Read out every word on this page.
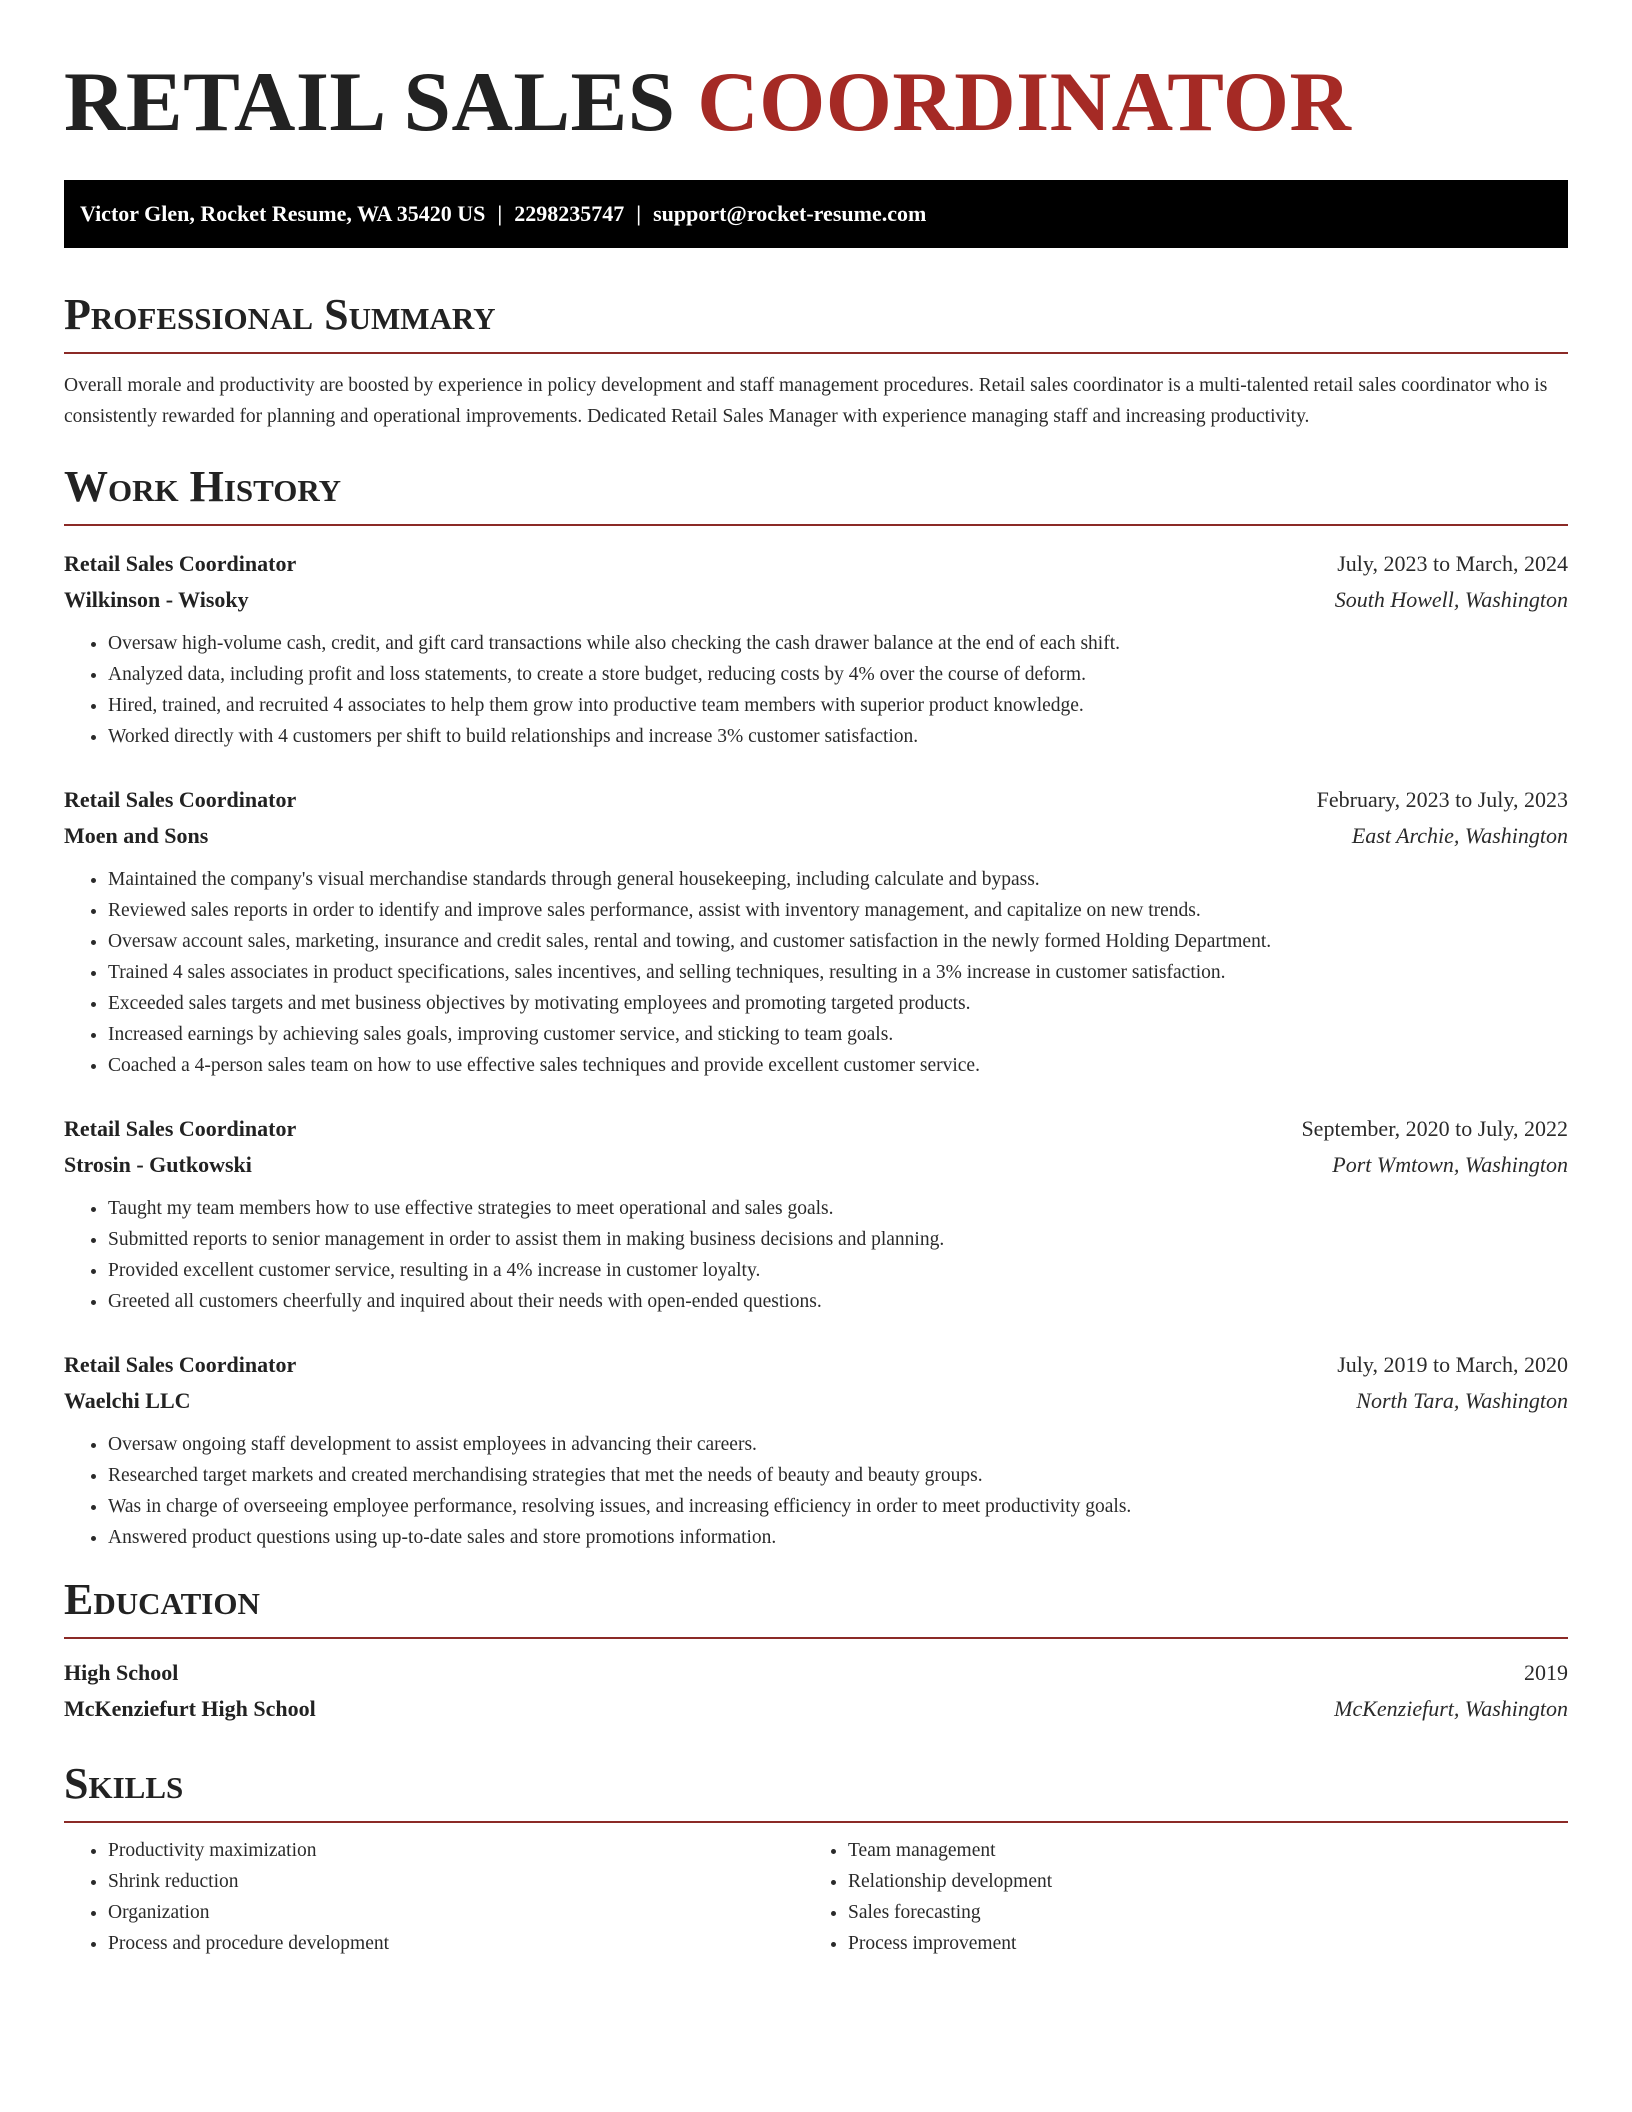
RETAIL SALES COORDINATOR
Victor Glen, Rocket Resume, WA 35420 US | 2298235747 | support@rocket-resume.com
Professional Summary

Overall morale and productivity are boosted by experience in policy development and staff management procedures. Retail sales coordinator is a multi-talented retail sales coordinator who is consistently rewarded for planning and operational improvements. Dedicated Retail Sales Manager with experience managing staff and increasing productivity.

Work History
Retail Sales Coordinator	July, 2023 to March, 2024
Wilkinson - Wisoky	South Howell, Washington
• Oversaw high-volume cash, credit, and gift card transactions while also checking the cash drawer balance at the end of each shift.
• Analyzed data, including profit and loss statements, to create a store budget, reducing costs by 4% over the course of deform.
• Hired, trained, and recruited 4 associates to help them grow into productive team members with superior product knowledge.
• Worked directly with 4 customers per shift to build relationships and increase 3% customer satisfaction.
Retail Sales Coordinator	February, 2023 to July, 2023
Moen and Sons	East Archie, Washington
• Maintained the company's visual merchandise standards through general housekeeping, including calculate and bypass.
• Reviewed sales reports in order to identify and improve sales performance, assist with inventory management, and capitalize on new trends.
• Oversaw account sales, marketing, insurance and credit sales, rental and towing, and customer satisfaction in the newly formed Holding Department.
• Trained 4 sales associates in product specifications, sales incentives, and selling techniques, resulting in a 3% increase in customer satisfaction.
• Exceeded sales targets and met business objectives by motivating employees and promoting targeted products.
• Increased earnings by achieving sales goals, improving customer service, and sticking to team goals.
• Coached a 4-person sales team on how to use effective sales techniques and provide excellent customer service.
Retail Sales Coordinator	September, 2020 to July, 2022
Strosin - Gutkowski	Port Wmtown, Washington
• Taught my team members how to use effective strategies to meet operational and sales goals.
• Submitted reports to senior management in order to assist them in making business decisions and planning.
• Provided excellent customer service, resulting in a 4% increase in customer loyalty.
• Greeted all customers cheerfully and inquired about their needs with open-ended questions.
Retail Sales Coordinator	July, 2019 to March, 2020
Waelchi LLC	North Tara, Washington
• Oversaw ongoing staff development to assist employees in advancing their careers.
• Researched target markets and created merchandising strategies that met the needs of beauty and beauty groups.
• Was in charge of overseeing employee performance, resolving issues, and increasing efficiency in order to meet productivity goals.
• Answered product questions using up-to-date sales and store promotions information.
Education
High School	2019
McKenziefurt High School	McKenziefurt, Washington
Skills
• Productivity maximization
• Shrink reduction
• Organization
• Process and procedure development
• Team management
• Relationship development
• Sales forecasting
• Process improvement
